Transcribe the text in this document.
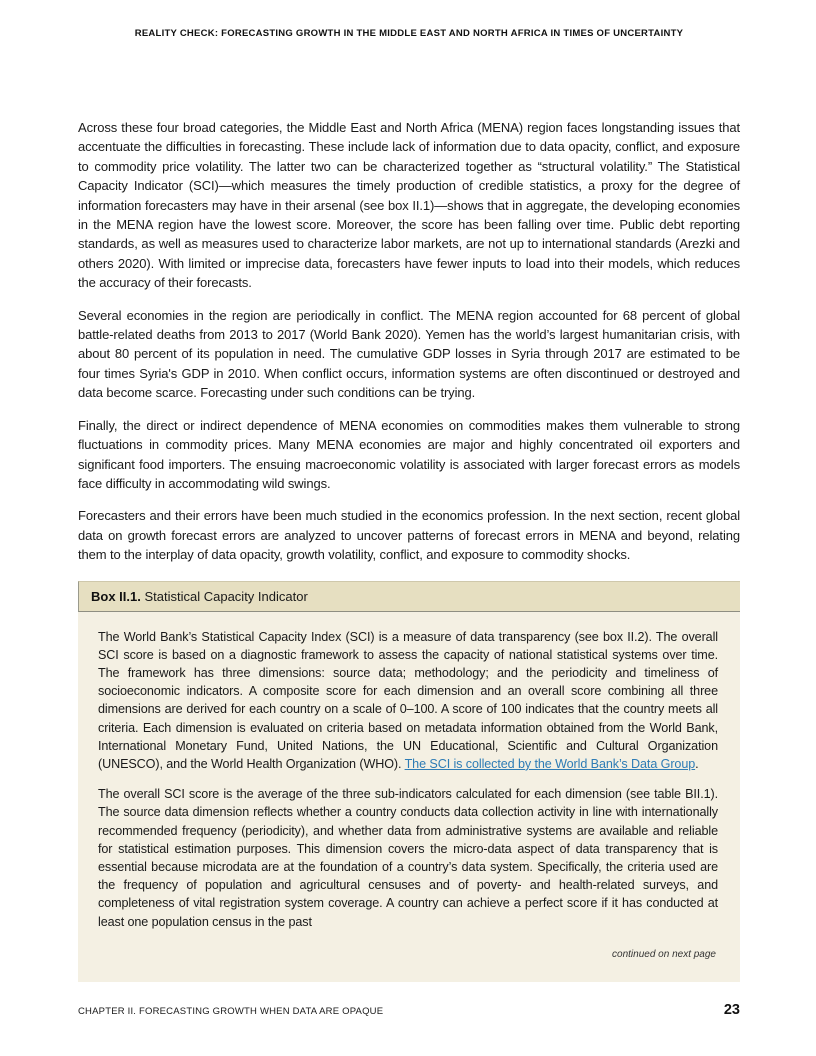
REALITY CHECK: FORECASTING GROWTH IN THE MIDDLE EAST AND NORTH AFRICA IN TIMES OF UNCERTAINTY

Across these four broad categories, the Middle East and North Africa (MENA) region faces longstanding issues that accentuate the difficulties in forecasting. These include lack of information due to data opacity, conflict, and exposure to commodity price volatility. The latter two can be characterized together as “structural volatility.” The Statistical Capacity Indicator (SCI)—which measures the timely production of credible statistics, a proxy for the degree of information forecasters may have in their arsenal (see box II.1)—shows that in aggregate, the developing economies in the MENA region have the lowest score. Moreover, the score has been falling over time. Public debt reporting standards, as well as measures used to characterize labor markets, are not up to international standards (Arezki and others 2020). With limited or imprecise data, forecasters have fewer inputs to load into their models, which reduces the accuracy of their forecasts.

Several economies in the region are periodically in conflict. The MENA region accounted for 68 percent of global battle-related deaths from 2013 to 2017 (World Bank 2020). Yemen has the world’s largest humanitarian crisis, with about 80 percent of its population in need. The cumulative GDP losses in Syria through 2017 are estimated to be four times Syria's GDP in 2010. When conflict occurs, information systems are often discontinued or destroyed and data become scarce. Forecasting under such conditions can be trying.

Finally, the direct or indirect dependence of MENA economies on commodities makes them vulnerable to strong fluctuations in commodity prices. Many MENA economies are major and highly concentrated oil exporters and significant food importers. The ensuing macroeconomic volatility is associated with larger forecast errors as models face difficulty in accommodating wild swings.

Forecasters and their errors have been much studied in the economics profession. In the next section, recent global data on growth forecast errors are analyzed to uncover patterns of forecast errors in MENA and beyond, relating them to the interplay of data opacity, growth volatility, conflict, and exposure to commodity shocks.

Box II.1. Statistical Capacity Indicator

The World Bank’s Statistical Capacity Index (SCI) is a measure of data transparency (see box II.2). The overall SCI score is based on a diagnostic framework to assess the capacity of national statistical systems over time. The framework has three dimensions: source data; methodology; and the periodicity and timeliness of socioeconomic indicators. A composite score for each dimension and an overall score combining all three dimensions are derived for each country on a scale of 0–100. A score of 100 indicates that the country meets all criteria. Each dimension is evaluated on criteria based on metadata information obtained from the World Bank, International Monetary Fund, United Nations, the UN Educational, Scientific and Cultural Organization (UNESCO), and the World Health Organization (WHO). The SCI is collected by the World Bank’s Data Group.

The overall SCI score is the average of the three sub-indicators calculated for each dimension (see table BII.1). The source data dimension reflects whether a country conducts data collection activity in line with internationally recommended frequency (periodicity), and whether data from administrative systems are available and reliable for statistical estimation purposes. This dimension covers the micro-data aspect of data transparency that is essential because microdata are at the foundation of a country’s data system. Specifically, the criteria used are the frequency of population and agricultural censuses and of poverty- and health-related surveys, and completeness of vital registration system coverage. A country can achieve a perfect score if it has conducted at least one population census in the past

continued on next page
CHAPTER II. FORECASTING GROWTH WHEN DATA ARE OPAQUE	23
